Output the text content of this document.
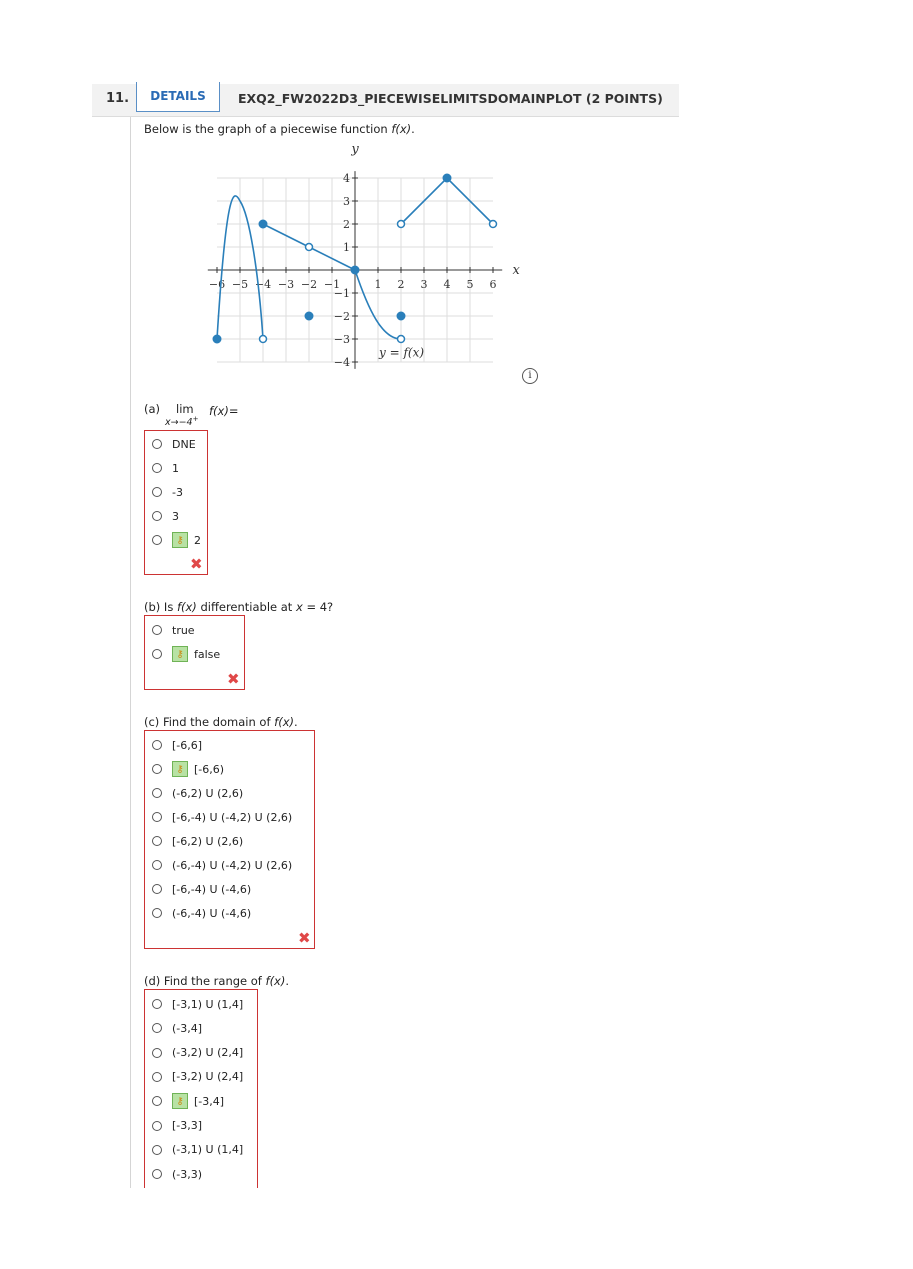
11.	DETAILS	EXQ2_FW2022D3_PIECEWISELIMITSDOMAINPLOT (2 POINTS)
Below is the graph of a piecewise function f(x).
−6 −5 −4 −3 −2 −1	1 2 3 4 5 6
4
3
2
1
−1
−2
−3
−4
y
x
y = f(x)
i
(a) lim
x→−4+
f(x)=
DNE
1
-3
3
⚷ 2
✖
(b) Is f(x) differentiable at x = 4?
true
⚷ false
✖
(c) Find the domain of f(x).
[-6,6]
⚷ [-6,6)
(-6,2) U (2,6)
[-6,-4) U (-4,2) U (2,6)
[-6,2) U (2,6)
(-6,-4) U (-4,2) U (2,6)
[-6,-4) U (-4,6)
(-6,-4) U (-4,6)
✖
(d) Find the range of f(x).
[-3,1) U (1,4]
(-3,4]
(-3,2) U (2,4]
[-3,2) U (2,4]
⚷ [-3,4]
[-3,3]
(-3,1) U (1,4]
(-3,3)
